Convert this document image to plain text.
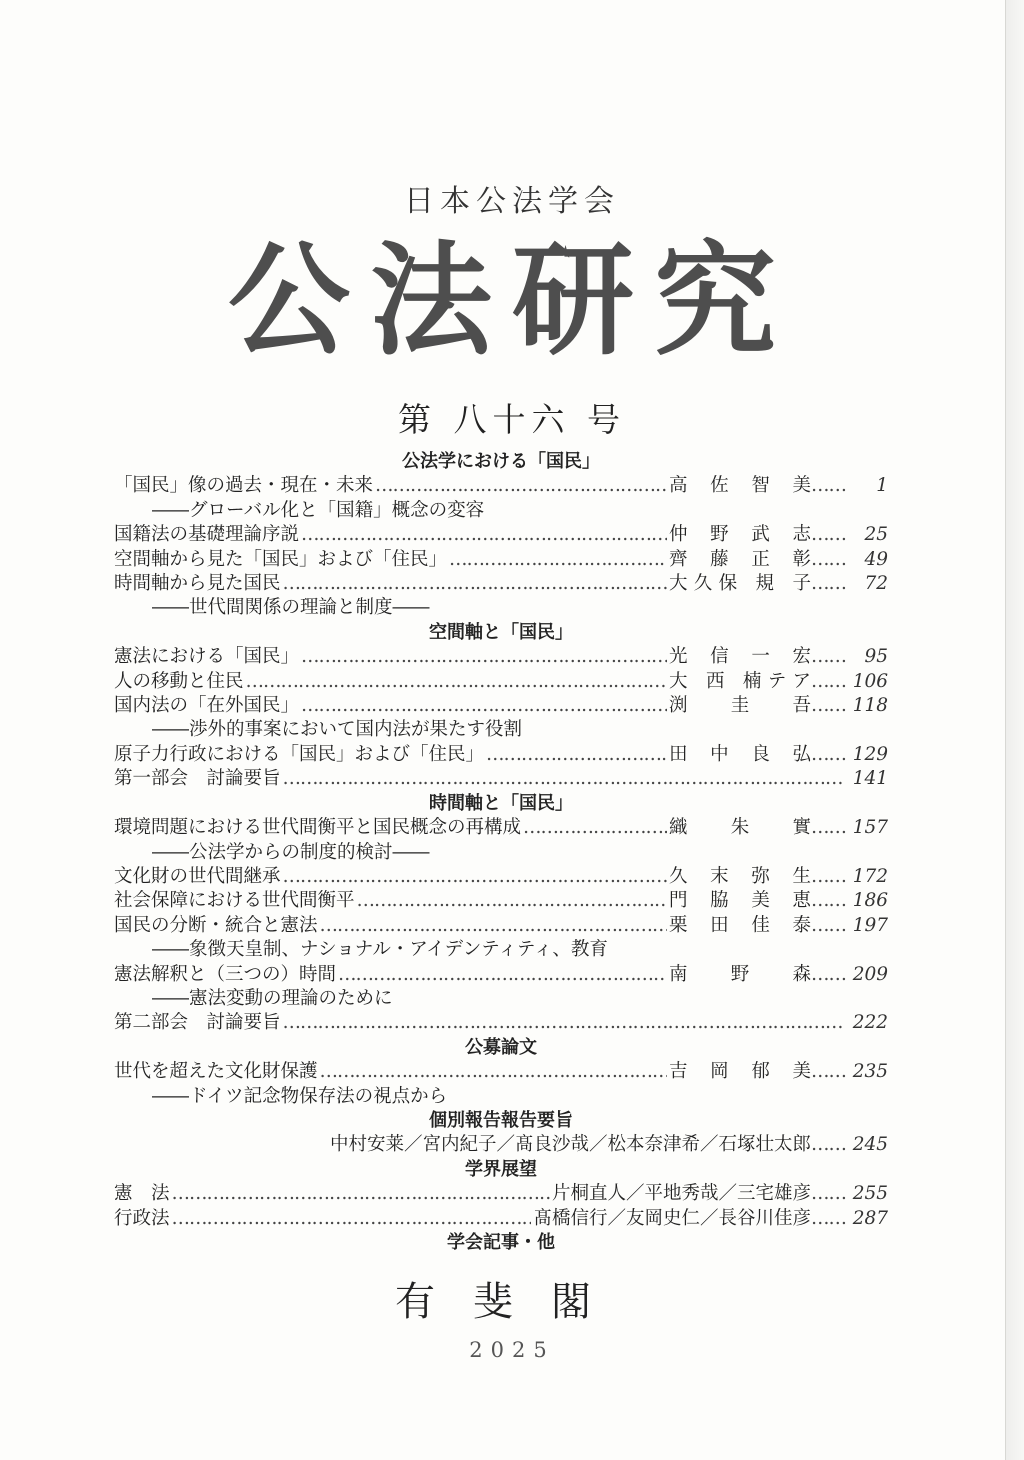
日本公法学会
公法研究
第 八十六 号
公法学における「国民」
「国民」像の過去・現在・未来 ……………………………………………………………………………………………………………………………………………………………………………………	高 佐 智 美 ……	1
――グローバル化と「国籍」概念の変容
国籍法の基礎理論序説 ……………………………………………………………………………………………………………………………………………………………………………………	仲 野 武 志 …… 25
空間軸から見た「国民」および「住民」 ……………………………………………………………………………………………………………………………………………………………………………………	齊 藤 正 彰 …… 49
時間軸から見た国民 ……………………………………………………………………………………………………………………………………………………………………………………	大久保 規 子 …… 72
――世代間関係の理論と制度――
空間軸と「国民」
憲法における「国民」 ……………………………………………………………………………………………………………………………………………………………………………………	光 信 一 宏 …… 95
人の移動と住民 ……………………………………………………………………………………………………………………………………………………………………………………	大 西 楠テア …… 106
国内法の「在外国民」 ……………………………………………………………………………………………………………………………………………………………………………………	渕 圭 吾 …… 118
――渉外的事案において国内法が果たす役割
原子力行政における「国民」および「住民」 ……………………………………………………………………………………………………………………………………………………………………………………	田 中 良 弘 …… 129
第一部会　討論要旨 ……………………………………………………………………………………………………………………………………………………………………………………	141
時間軸と「国民」
環境問題における世代間衡平と国民概念の再構成 ……………………………………………………………………………………………………………………………………………………………………………………	織 朱 實 …… 157
――公法学からの制度的検討――
文化財の世代間継承 ……………………………………………………………………………………………………………………………………………………………………………………	久 末 弥 生 …… 172
社会保障における世代間衡平 ……………………………………………………………………………………………………………………………………………………………………………………	門 脇 美 恵 …… 186
国民の分断・統合と憲法 ……………………………………………………………………………………………………………………………………………………………………………………	栗 田 佳 泰 …… 197
――象徴天皇制、ナショナル・アイデンティティ、教育
憲法解釈と（三つの）時間 ……………………………………………………………………………………………………………………………………………………………………………………	南 野 森 …… 209
――憲法変動の理論のために
第二部会　討論要旨 ……………………………………………………………………………………………………………………………………………………………………………………	222
公募論文
世代を超えた文化財保護 ……………………………………………………………………………………………………………………………………………………………………………………	吉 岡 郁 美 …… 235
――ドイツ記念物保存法の視点から
個別報告報告要旨
中村安莱／宮内紀子／髙良沙哉／松本奈津希／石塚壮太郎 …… 245
学界展望
憲　法 ……………………………………………………………………………………………………………………………………………………………………………………	片桐直人／平地秀哉／三宅雄彦 …… 255
行政法 ……………………………………………………………………………………………………………………………………………………………………………………	髙橋信行／友岡史仁／長谷川佳彦 …… 287
学会記事・他
有斐閣
2025
